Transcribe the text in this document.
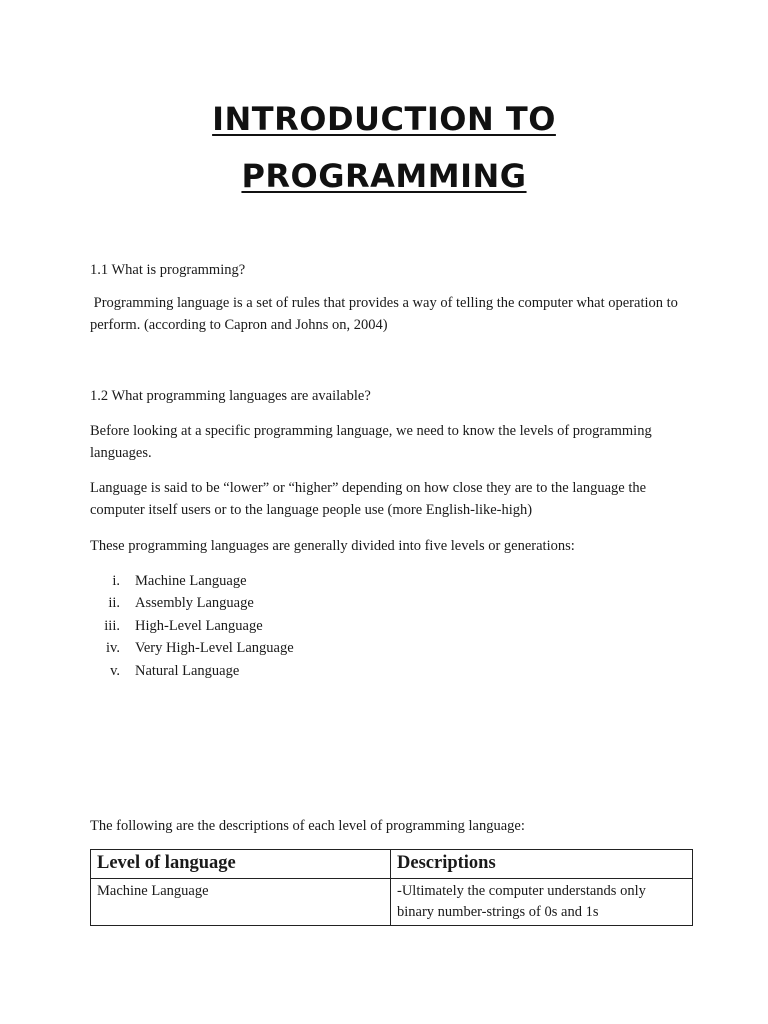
INTRODUCTION TO
PROGRAMMING
1.1 What is programming?
Programming language is a set of rules that provides a way of telling the computer what operation to perform. (according to Capron and Johns on, 2004)
1.2 What programming languages are available?
Before looking at a specific programming language, we need to know the levels of programming languages.
Language is said to be “lower” or “higher” depending on how close they are to the language the computer itself users or to the language people use (more English-like-high)
These programming languages are generally divided into five levels or generations:
i. Machine Language
ii. Assembly Language
iii. High-Level Language
iv. Very High-Level Language
v. Natural Language
The following are the descriptions of each level of programming language:
Level of language	Descriptions
Machine Language	-Ultimately the computer understands only binary number-strings of 0s and 1s
